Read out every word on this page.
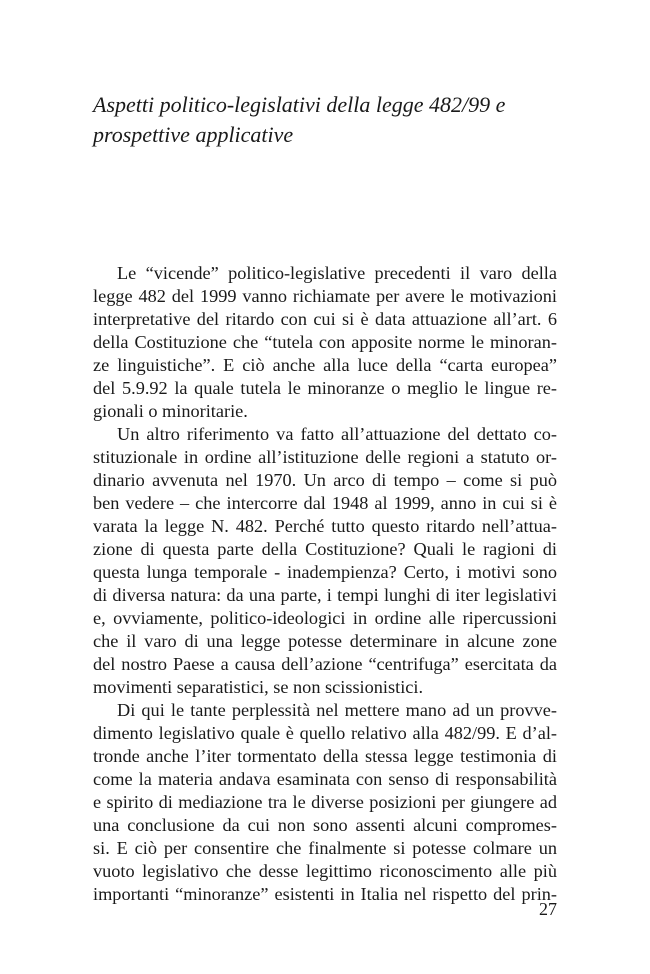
Aspetti politico-legislativi della legge 482/99 e
prospettive applicative
Le “vicende” politico-legislative precedenti il varo della
legge 482 del 1999 vanno richiamate per avere le motivazioni
interpretative del ritardo con cui si è data attuazione all’art. 6
della Costituzione che “tutela con apposite norme le minoran-
ze linguistiche”. E ciò anche alla luce della “carta europea”
del 5.9.92 la quale tutela le minoranze o meglio le lingue re-
gionali o minoritarie.
Un altro riferimento va fatto all’attuazione del dettato co-
stituzionale in ordine all’istituzione delle regioni a statuto or-
dinario avvenuta nel 1970. Un arco di tempo – come si può
ben vedere – che intercorre dal 1948 al 1999, anno in cui si è
varata la legge N. 482. Perché tutto questo ritardo nell’attua-
zione di questa parte della Costituzione? Quali le ragioni di
questa lunga temporale - inadempienza? Certo, i motivi sono
di diversa natura: da una parte, i tempi lunghi di iter legislativi
e, ovviamente, politico-ideologici in ordine alle ripercussioni
che il varo di una legge potesse determinare in alcune zone
del nostro Paese a causa dell’azione “centrifuga” esercitata da
movimenti separatistici, se non scissionistici.
Di qui le tante perplessità nel mettere mano ad un provve-
dimento legislativo quale è quello relativo alla 482/99. E d’al-
tronde anche l’iter tormentato della stessa legge testimonia di
come la materia andava esaminata con senso di responsabilità
e spirito di mediazione tra le diverse posizioni per giungere ad
una conclusione da cui non sono assenti alcuni compromes-
si. E ciò per consentire che finalmente si potesse colmare un
vuoto legislativo che desse legittimo riconoscimento alle più
importanti “minoranze” esistenti in Italia nel rispetto del prin-
27
